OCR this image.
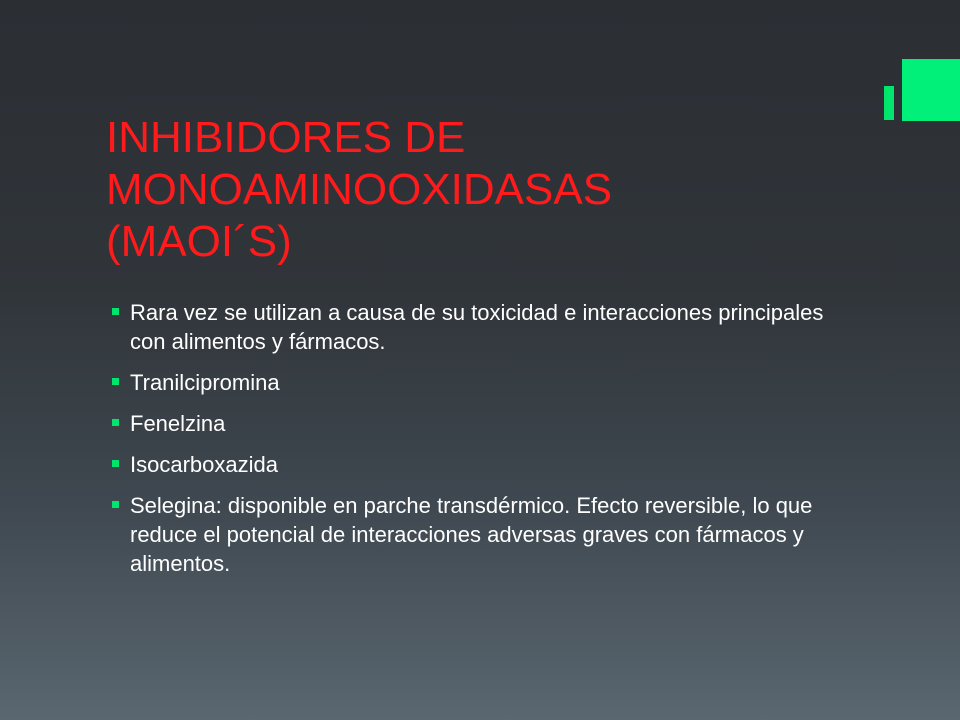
INHIBIDORES DE
MONOAMINOOXIDASAS
(MAOI´S)
Rara vez se utilizan a causa de su toxicidad e interacciones principales con alimentos y fármacos.
Tranilcipromina
Fenelzina
Isocarboxazida
Selegina: disponible en parche transdérmico. Efecto reversible, lo que reduce el potencial de interacciones adversas graves con fármacos y alimentos.
